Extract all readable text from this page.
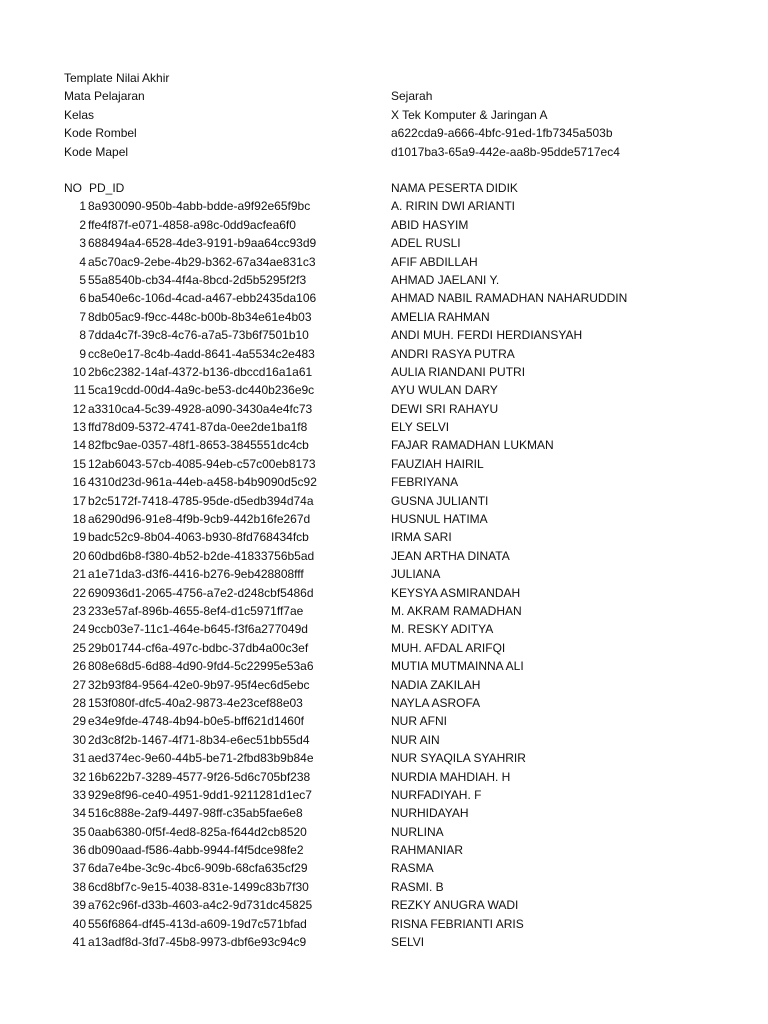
Template Nilai Akhir
Mata Pelajaran	Sejarah
Kelas	X Tek Komputer & Jaringan A
Kode Rombel	a622cda9-a666-4bfc-91ed-1fb7345a503b
Kode Mapel	d1017ba3-65a9-442e-aa8b-95dde5717ec4
NO PD_ID	NAMA PESERTA DIDIK
1 8a930090-950b-4abb-bdde-a9f92e65f9bc	A. RIRIN DWI ARIANTI
2 ffe4f87f-e071-4858-a98c-0dd9acfea6f0	ABID HASYIM
3 688494a4-6528-4de3-9191-b9aa64cc93d9	ADEL RUSLI
4 a5c70ac9-2ebe-4b29-b362-67a34ae831c3	AFIF ABDILLAH
5 55a8540b-cb34-4f4a-8bcd-2d5b5295f2f3	AHMAD JAELANI Y.
6 ba540e6c-106d-4cad-a467-ebb2435da106	AHMAD NABIL RAMADHAN NAHARUDDIN
7 8db05ac9-f9cc-448c-b00b-8b34e61e4b03	AMELIA RAHMAN
8 7dda4c7f-39c8-4c76-a7a5-73b6f7501b10	ANDI MUH. FERDI HERDIANSYAH
9 cc8e0e17-8c4b-4add-8641-4a5534c2e483	ANDRI RASYA PUTRA
10 2b6c2382-14af-4372-b136-dbccd16a1a61	AULIA RIANDANI PUTRI
11 5ca19cdd-00d4-4a9c-be53-dc440b236e9c	AYU WULAN DARY
12 a3310ca4-5c39-4928-a090-3430a4e4fc73	DEWI SRI RAHAYU
13 ffd78d09-5372-4741-87da-0ee2de1ba1f8	ELY SELVI
14 82fbc9ae-0357-48f1-8653-3845551dc4cb	FAJAR RAMADHAN LUKMAN
15 12ab6043-57cb-4085-94eb-c57c00eb8173	FAUZIAH HAIRIL
16 4310d23d-961a-44eb-a458-b4b9090d5c92	FEBRIYANA
17 b2c5172f-7418-4785-95de-d5edb394d74a	GUSNA JULIANTI
18 a6290d96-91e8-4f9b-9cb9-442b16fe267d	HUSNUL HATIMA
19 badc52c9-8b04-4063-b930-8fd768434fcb	IRMA SARI
20 60dbd6b8-f380-4b52-b2de-41833756b5ad	JEAN ARTHA DINATA
21 a1e71da3-d3f6-4416-b276-9eb428808fff	JULIANA
22 690936d1-2065-4756-a7e2-d248cbf5486d	KEYSYA ASMIRANDAH
23 233e57af-896b-4655-8ef4-d1c5971ff7ae	M. AKRAM RAMADHAN
24 9ccb03e7-11c1-464e-b645-f3f6a277049d	M. RESKY ADITYA
25 29b01744-cf6a-497c-bdbc-37db4a00c3ef	MUH. AFDAL ARIFQI
26 808e68d5-6d88-4d90-9fd4-5c22995e53a6	MUTIA MUTMAINNA ALI
27 32b93f84-9564-42e0-9b97-95f4ec6d5ebc	NADIA ZAKILAH
28 153f080f-dfc5-40a2-9873-4e23cef88e03	NAYLA ASROFA
29 e34e9fde-4748-4b94-b0e5-bff621d1460f	NUR AFNI
30 2d3c8f2b-1467-4f71-8b34-e6ec51bb55d4	NUR AIN
31 aed374ec-9e60-44b5-be71-2fbd83b9b84e	NUR SYAQILA SYAHRIR
32 16b622b7-3289-4577-9f26-5d6c705bf238	NURDIA MAHDIAH. H
33 929e8f96-ce40-4951-9dd1-9211281d1ec7	NURFADIYAH. F
34 516c888e-2af9-4497-98ff-c35ab5fae6e8	NURHIDAYAH
35 0aab6380-0f5f-4ed8-825a-f644d2cb8520	NURLINA
36 db090aad-f586-4abb-9944-f4f5dce98fe2	RAHMANIAR
37 6da7e4be-3c9c-4bc6-909b-68cfa635cf29	RASMA
38 6cd8bf7c-9e15-4038-831e-1499c83b7f30	RASMI. B
39 a762c96f-d33b-4603-a4c2-9d731dc45825	REZKY ANUGRA WADI
40 556f6864-df45-413d-a609-19d7c571bfad	RISNA FEBRIANTI ARIS
41 a13adf8d-3fd7-45b8-9973-dbf6e93c94c9	SELVI
